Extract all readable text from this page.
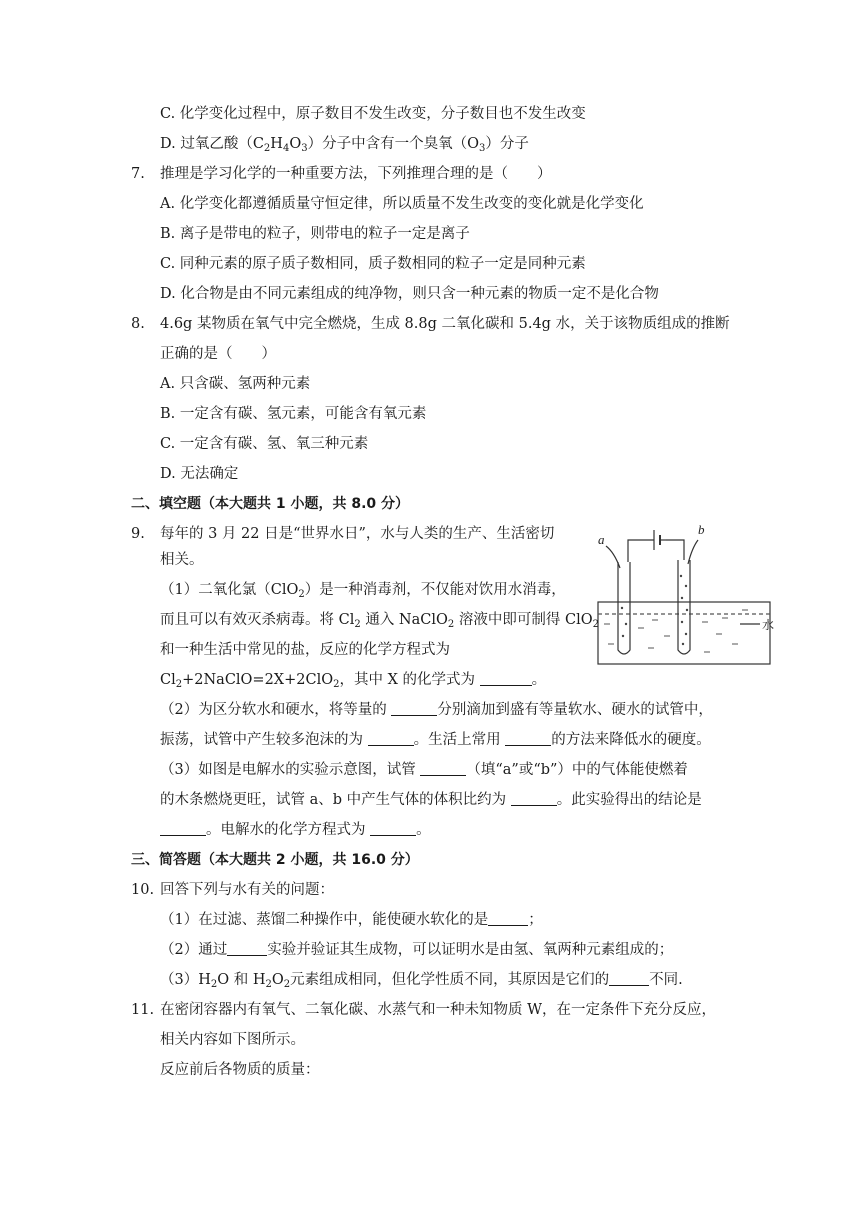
C. 化学变化过程中，原子数目不发生改变，分子数目也不发生改变
D. 过氧乙酸$(C_2H_4O_3)$分子中含有一个臭氧$(O_3)$分子
7. 推理是学习化学的一种重要方法，下列推理合理的是（　　）
A. 化学变化都遵循质量守恒定律，所以质量不发生改变的变化就是化学变化
B. 离子是带电的粒子，则带电的粒子一定是离子
C. 同种元素的原子质子数相同，质子数相同的粒子一定是同种元素
D. 化合物是由不同元素组成的纯净物，则只含一种元素的物质一定不是化合物
8. 4.6g 某物质在氧气中完全燃烧，生成 8.8g 二氧化碳和 5.4g 水，关于该物质组成的推断
正确的是（　　）
A. 只含碳、氢两种元素
B. 一定含有碳、氢元素，可能含有氧元素
C. 一定含有碳、氢、氧三种元素
D. 无法确定
二、填空题（本大题共 1 小题，共 8.0 分）
9. 每年的 3 月 22 日是“世界水日”，水与人类的生产、生活密切
相关。
（1）二氧化氯（ClO$_2$）是一种消毒剂，不仅能对饮用水消毒，
而且可以有效灭杀病毒。将 $Cl_2$ 通入 NaClO$_2$ 溶液中即可制得 ClO$_2$
和一种生活中常见的盐，反应的化学方程式为
$Cl_2+2NaClO=2X+2ClO_2$，其中 X 的化学式为	。
（2）为区分软水和硬水，将等量的	分别滴加到盛有等量软水、硬水的试管中，
振荡，试管中产生较多泡沫的为	。生活上常用	的方法来降低水的硬度。
（3）如图是电解水的实验示意图，试管	（填“a”或“b”）中的气体能使燃着
的木条燃烧更旺，试管 a、b 中产生气体的体积比约为	。此实验得出的结论是
。电解水的化学方程式为	。
a
b
水
三、简答题（本大题共 2 小题，共 16.0 分）
10. 回答下列与水有关的问题：
（1）在过滤、蒸馏二种操作中，能使硬水软化的是	；
（2）通过	实验并验证其生成物，可以证明水是由氢、氧两种元素组成的；
$(3)H_2O$ 和 $H_2O_2$元素组成相同，但化学性质不同，其原因是它们的	不同.
11. 在密闭容器内有氧气、二氧化碳、水蒸气和一种未知物质 W，在一定条件下充分反应，
相关内容如下图所示。
反应前后各物质的质量：
